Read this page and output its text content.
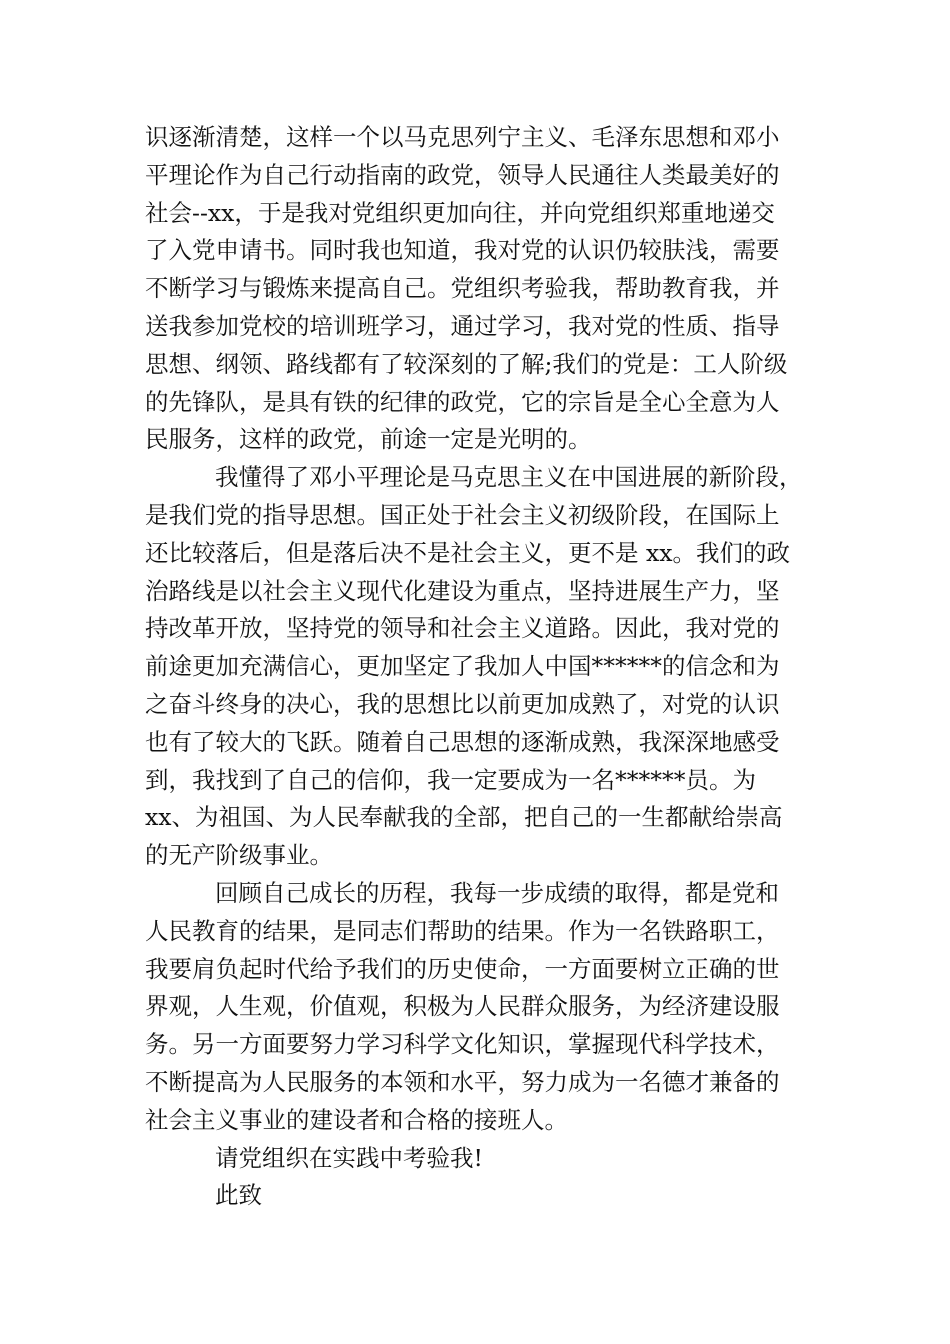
识逐渐清楚，这样一个以马克思列宁主义、毛泽东思想和邓小
平理论作为自己行动指南的政党，领导人民通往人类最美好的
社会--xx，于是我对党组织更加向往，并向党组织郑重地递交
了入党申请书。同时我也知道，我对党的认识仍较肤浅，需要
不断学习与锻炼来提高自己。党组织考验我，帮助教育我，并
送我参加党校的培训班学习，通过学习，我对党的性质、指导
思想、纲领、路线都有了较深刻的了解;我们的党是：工人阶级
的先锋队，是具有铁的纪律的政党，它的宗旨是全心全意为人
民服务，这样的政党，前途一定是光明的。
我懂得了邓小平理论是马克思主义在中国进展的新阶段，
是我们党的指导思想。国正处于社会主义初级阶段，在国际上
还比较落后，但是落后决不是社会主义，更不是 xx。我们的政
治路线是以社会主义现代化建设为重点，坚持进展生产力，坚
持改革开放，坚持党的领导和社会主义道路。因此，我对党的
前途更加充满信心，更加坚定了我加人中国******的信念和为
之奋斗终身的决心，我的思想比以前更加成熟了，对党的认识
也有了较大的飞跃。随着自己思想的逐渐成熟，我深深地感受
到，我找到了自己的信仰，我一定要成为一名******员。为
xx、为祖国、为人民奉献我的全部，把自己的一生都献给崇高
的无产阶级事业。
回顾自己成长的历程，我每一步成绩的取得，都是党和
人民教育的结果，是同志们帮助的结果。作为一名铁路职工，
我要肩负起时代给予我们的历史使命，一方面要树立正确的世
界观，人生观，价值观，积极为人民群众服务，为经济建设服
务。另一方面要努力学习科学文化知识，掌握现代科学技术，
不断提高为人民服务的本领和水平，努力成为一名德才兼备的
社会主义事业的建设者和合格的接班人。
请党组织在实践中考验我!
此致
